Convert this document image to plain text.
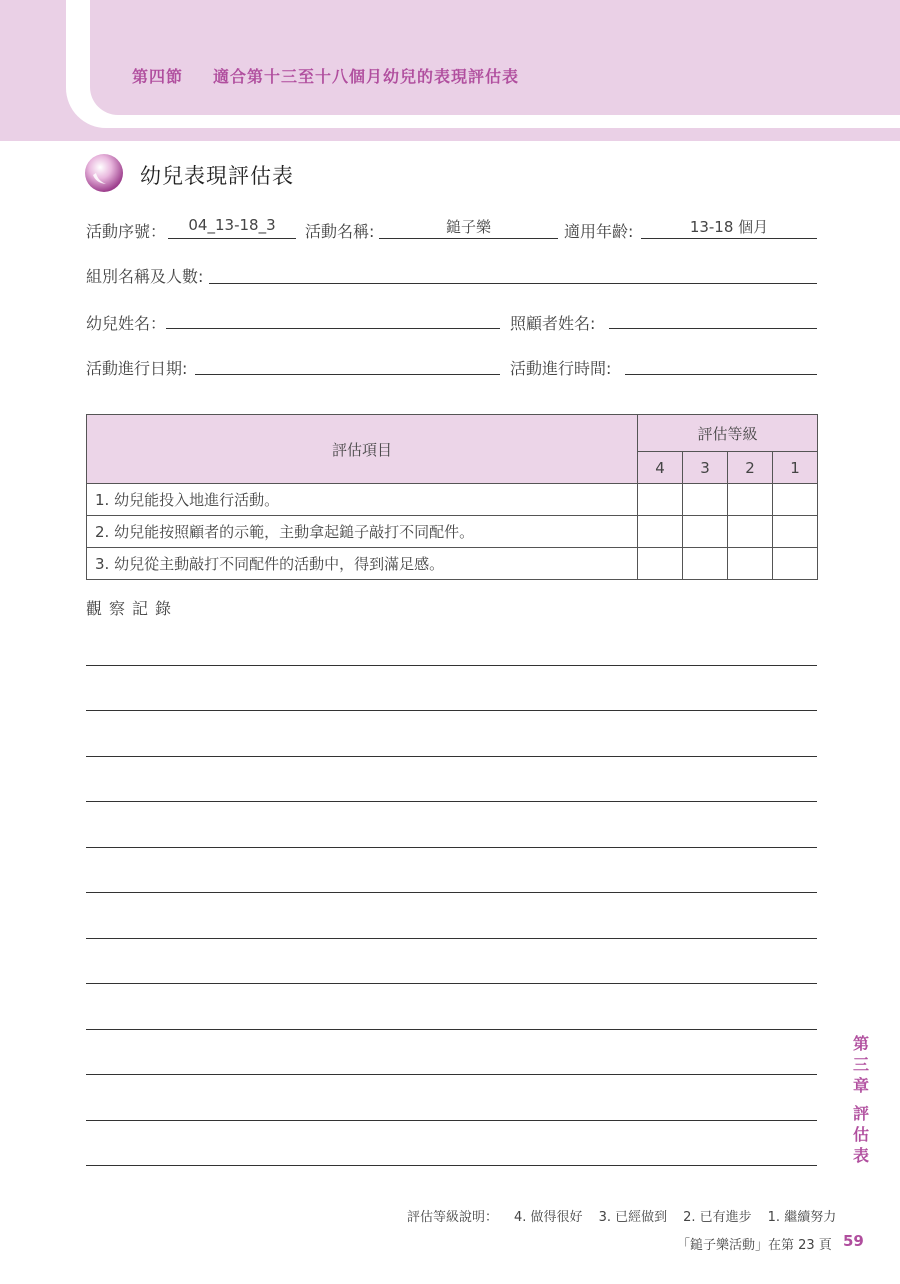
第四節 適合第十三至十八個月幼兒的表現評估表
幼兒表現評估表
活動序號：	04_13-18_3	活動名稱:	鎚子樂	適用年齡:	13-18 個月
組別名稱及人數:
幼兒姓名：	照顧者姓名:
活動進行日期:	活動進行時間:
評估項目	評估等級			
	4	3	2	1
1. 幼兒能投入地進行活動。				
2. 幼兒能按照顧者的示範，主動拿起鎚子敲打不同配件。				
3. 幼兒從主動敲打不同配件的活動中，得到滿足感。				
觀察記錄
第
三
章
評
估
表
評估等級說明： 4. 做得很好 3. 已經做到 2. 已有進步 1. 繼續努力
「鎚子樂活動」在第 23 頁 59
